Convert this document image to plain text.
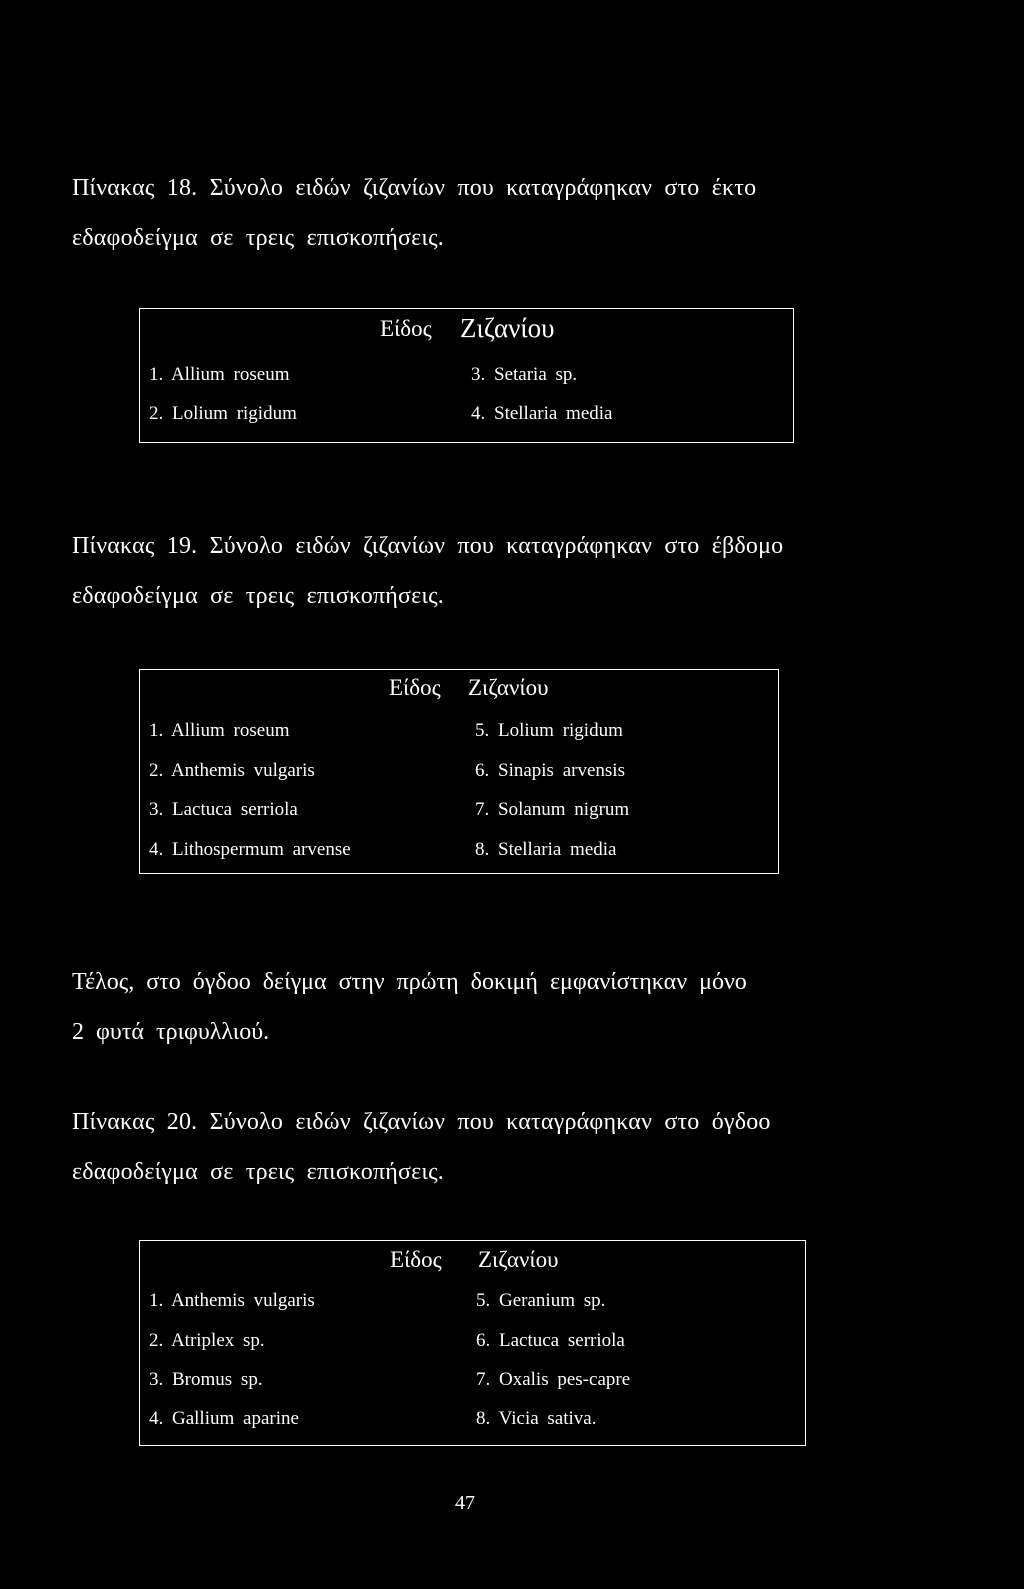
Πίνακας 18. Σύνολο ειδών ζιζανίων που καταγράφηκαν στο έκτο
εδαφοδείγμα σε τρεις επισκοπήσεις.
Είδος Ζιζανίου
1. Allium roseum
2. Lolium rigidum
3. Setaria sp.
4. Stellaria media
Πίνακας 19. Σύνολο ειδών ζιζανίων που καταγράφηκαν στο έβδομο
εδαφοδείγμα σε τρεις επισκοπήσεις.
Είδος Ζιζανίου
1. Allium roseum
2. Anthemis vulgaris
3. Lactuca serriola
4. Lithospermum arvense
5. Lolium rigidum
6. Sinapis arvensis
7. Solanum nigrum
8. Stellaria media
Τέλος, στο όγδοο δείγμα στην πρώτη δοκιμή εμφανίστηκαν μόνο
2 φυτά τριφυλλιού.
Πίνακας 20. Σύνολο ειδών ζιζανίων που καταγράφηκαν στο όγδοο
εδαφοδείγμα σε τρεις επισκοπήσεις.
Είδος Ζιζανίου
1. Anthemis vulgaris
2. Atriplex sp.
3. Bromus sp.
4. Gallium aparine
5. Geranium sp.
6. Lactuca serriola
7. Oxalis pes-capre
8. Vicia sativa.
47
